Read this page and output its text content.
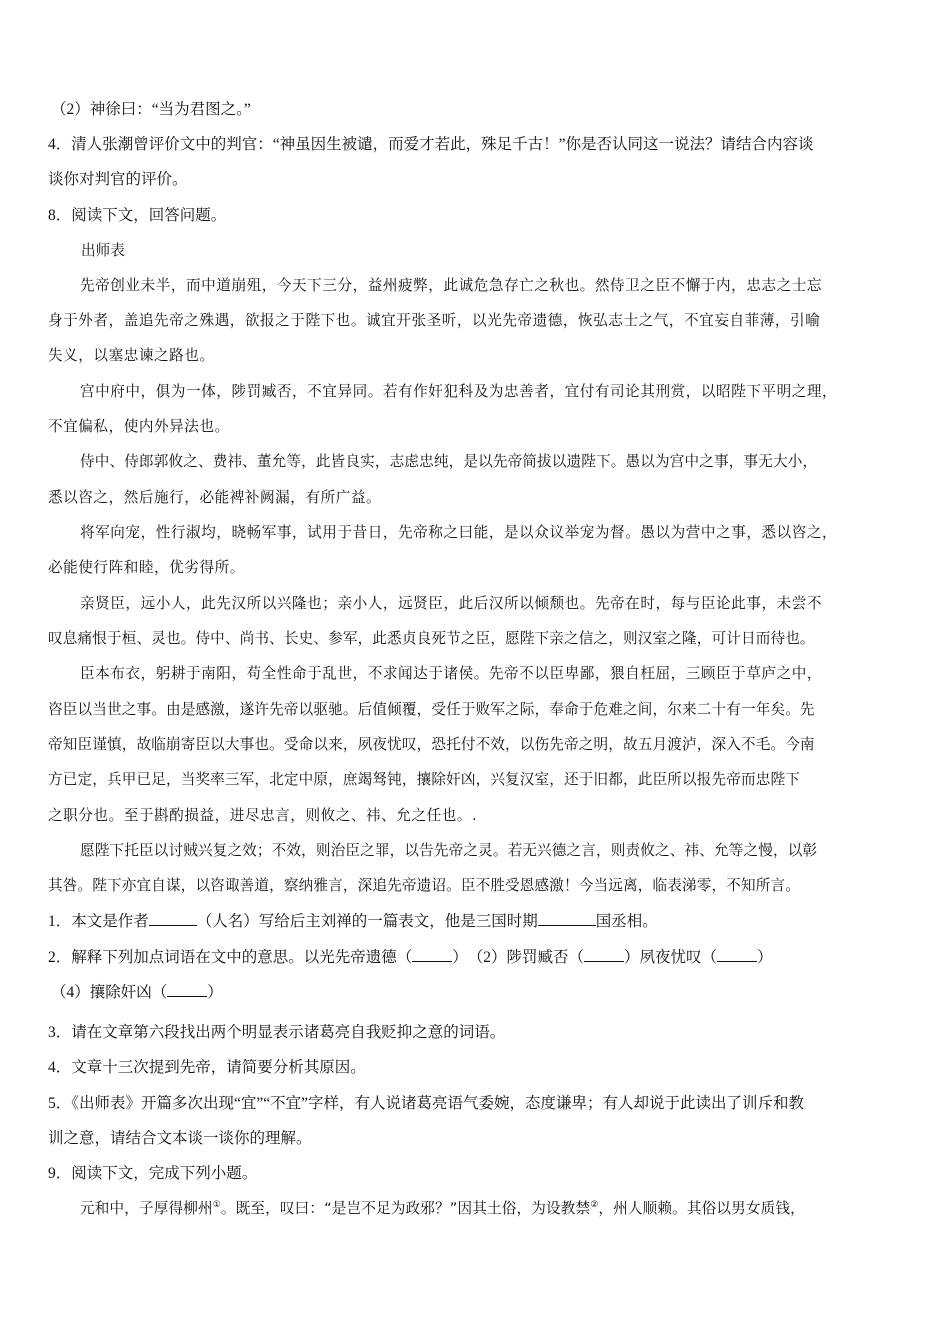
（2）神徐曰：“当为君图之。”
4．清人张潮曾评价文中的判官：“神虽因生被谴，而爱才若此，殊足千古！”你是否认同这一说法？请结合内容谈
谈你对判官的评价。
8．阅读下文，回答问题。
出师表
先帝创业未半，而中道崩殂，今天下三分，益州疲弊，此诚危急存亡之秋也。然侍卫之臣不懈于内，忠志之士忘
身于外者，盖追先帝之殊遇，欲报之于陛下也。诚宜开张圣听，以光先帝遗德，恢弘志士之气，不宜妄自菲薄，引喻
失义，以塞忠谏之路也。
宫中府中，俱为一体，陟罚臧否，不宜异同。若有作奸犯科及为忠善者，宜付有司论其刑赏，以昭陛下平明之理，
不宜偏私，使内外异法也。
侍中、侍郎郭攸之、费祎、董允等，此皆良实，志虑忠纯，是以先帝简拔以遗陛下。愚以为宫中之事，事无大小，
悉以咨之，然后施行，必能裨补阙漏，有所广益。
将军向宠，性行淑均，晓畅军事，试用于昔日，先帝称之曰能，是以众议举宠为督。愚以为营中之事，悉以咨之，
必能使行阵和睦，优劣得所。
亲贤臣，远小人，此先汉所以兴隆也；亲小人，远贤臣，此后汉所以倾颓也。先帝在时，每与臣论此事，未尝不
叹息痛恨于桓、灵也。侍中、尚书、长史、参军，此悉贞良死节之臣，愿陛下亲之信之，则汉室之隆，可计日而待也。
臣本布衣，躬耕于南阳，苟全性命于乱世，不求闻达于诸侯。先帝不以臣卑鄙，猥自枉屈，三顾臣于草庐之中，
咨臣以当世之事。由是感激，遂许先帝以驱驰。后值倾覆，受任于败军之际，奉命于危难之间，尔来二十有一年矣。先
帝知臣谨慎，故临崩寄臣以大事也。受命以来，夙夜忧叹，恐托付不效，以伤先帝之明，故五月渡泸，深入不毛。今南
方已定，兵甲已足，当奖率三军，北定中原，庶竭驽钝，攘除奸凶，兴复汉室，还于旧都，此臣所以报先帝而忠陛下
之职分也。至于斟酌损益，进尽忠言，则攸之、祎、允之任也。.
愿陛下托臣以讨贼兴复之效；不效，则治臣之罪，以告先帝之灵。若无兴德之言，则责攸之、祎、允等之慢，以彰
其咎。陛下亦宜自谋，以咨诹善道，察纳雅言，深追先帝遗诏。臣不胜受恩感激！今当远离，临表涕零，不知所言。
1．本文是作者	（人名）写给后主刘禅的一篇表文，他是三国时期	国丞相。
2．解释下列加点词语在文中的意思。以光先帝遗德（	）　（2）陟罚臧否（	）夙夜忧叹（	）
（4）攘除奸凶（	）
3．请在文章第六段找出两个明显表示诸葛亮自我贬抑之意的词语。
4．文章十三次提到先帝，请简要分析其原因。
5．《出师表》开篇多次出现“宜”“不宜”字样，有人说诸葛亮语气委婉，态度谦卑；有人却说于此读出了训斥和教
训之意，请结合文本谈一谈你的理解。
9．阅读下文，完成下列小题。
元和中，子厚得柳州①。既至，叹曰：“是岂不足为政邪？”因其土俗，为设教禁②，州人顺赖。其俗以男女质钱，
